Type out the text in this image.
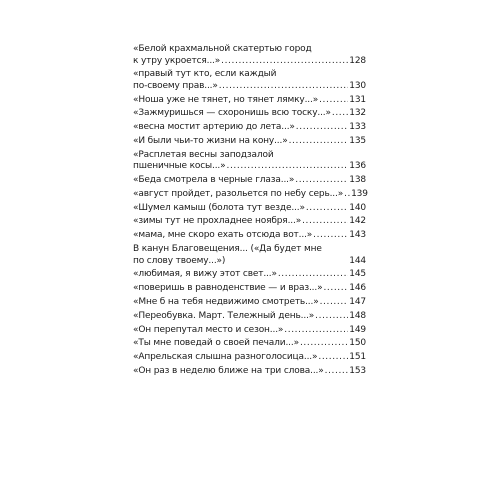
«Белой крахмальной скатертью город
к утру укроется...» .....	128
«правый тут кто, если каждый
по-своему прав...» .....	130
«Ноша уже не тянет, но тянет лямку...» .....	131
«Зажмуришься — схоронишь всю тоску...» ..... 132
«весна мостит артерию до лета...» .....	133
«И были чьи-то жизни на кону...» .....	135
«Расплетая весны заподзалой
пшеничные косы...» .....	136
«Беда смотрела в черные глаза...» .....	138
«август пройдет, разольется по небу серь...» ..... 139
«Шумел камыш (болота тут везде...» .....	140
«зимы тут не прохладнее ноября...» .....	142
«мама, мне скоро ехать отсюда вот...» .....	143
В канун Благовещения... («Да будет мне
по слову твоему...»)	144
«любимая, я вижу этот свет...» .....	145
«поверишь в равноденствие — и враз...» .....	146
«Мне б на тебя недвижимо смотреть...» .....	147
«Переобувка. Март. Тележный день...» .....	148
«Он перепутал место и сезон...» .....	149
«Ты мне поведай о своей печали...» .....	150
«Апрельская слышна разноголосица...» .....	151
«Он раз в неделю ближе на три слова...» .....	153
